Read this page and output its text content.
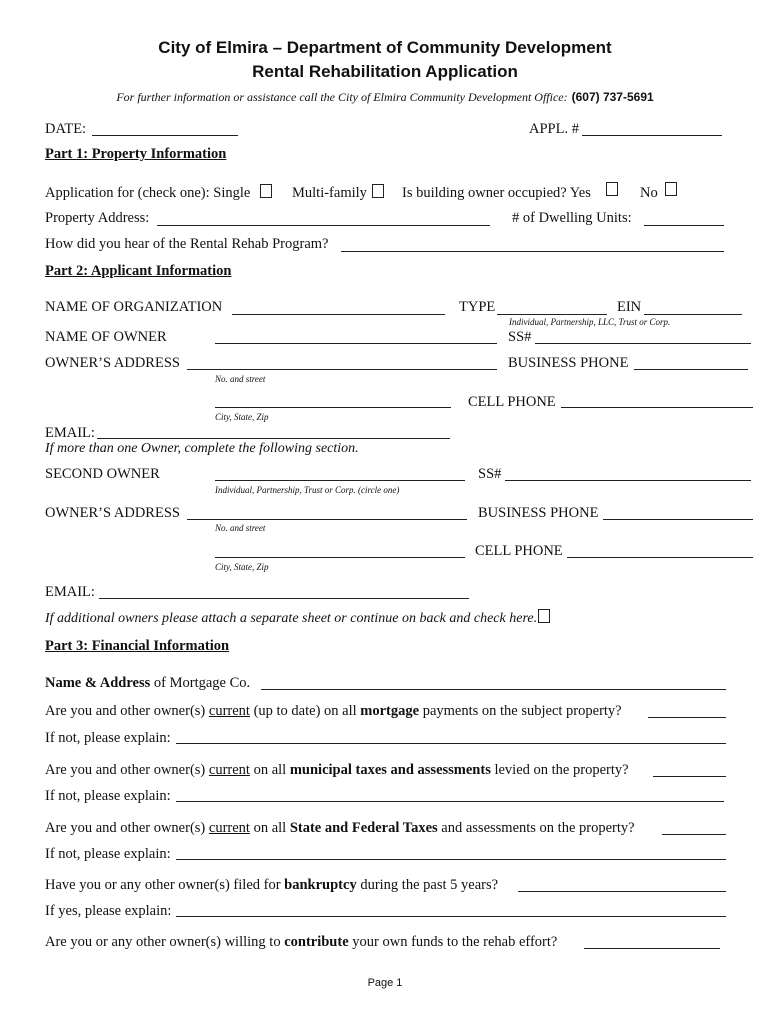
City of Elmira – Department of Community Development
Rental Rehabilitation Application
For further information or assistance call the City of Elmira Community Development Office: (607) 737-5691
DATE:	APPL. #
Part 1: Property Information
Application for (check one): Single	Multi-family Is building owner occupied? Yes	No
Property Address:	# of Dwelling Units:
How did you hear of the Rental Rehab Program?
Part 2: Applicant Information
NAME OF ORGANIZATION	TYPE	EIN
Individual, Partnership, LLC, Trust or Corp.
NAME OF OWNER	SS#
OWNER’S ADDRESS	BUSINESS PHONE
No. and street
CELL PHONE
City, State, Zip
EMAIL:
If more than one Owner, complete the following section.
SECOND OWNER	SS#
Individual, Partnership, Trust or Corp. (circle one)
OWNER’S ADDRESS	BUSINESS PHONE
No. and street
CELL PHONE
City, State, Zip
EMAIL:
If additional owners please attach a separate sheet or continue on back and check here.
Part 3: Financial Information
Name & Address of Mortgage Co.
Are you and other owner(s) current (up to date) on all mortgage payments on the subject property?
If not, please explain:
Are you and other owner(s) current on all municipal taxes and assessments levied on the property?
If not, please explain:
Are you and other owner(s) current on all State and Federal Taxes and assessments on the property?
If not, please explain:
Have you or any other owner(s) filed for bankruptcy during the past 5 years?
If yes, please explain:
Are you or any other owner(s) willing to contribute your own funds to the rehab effort?
Page 1
